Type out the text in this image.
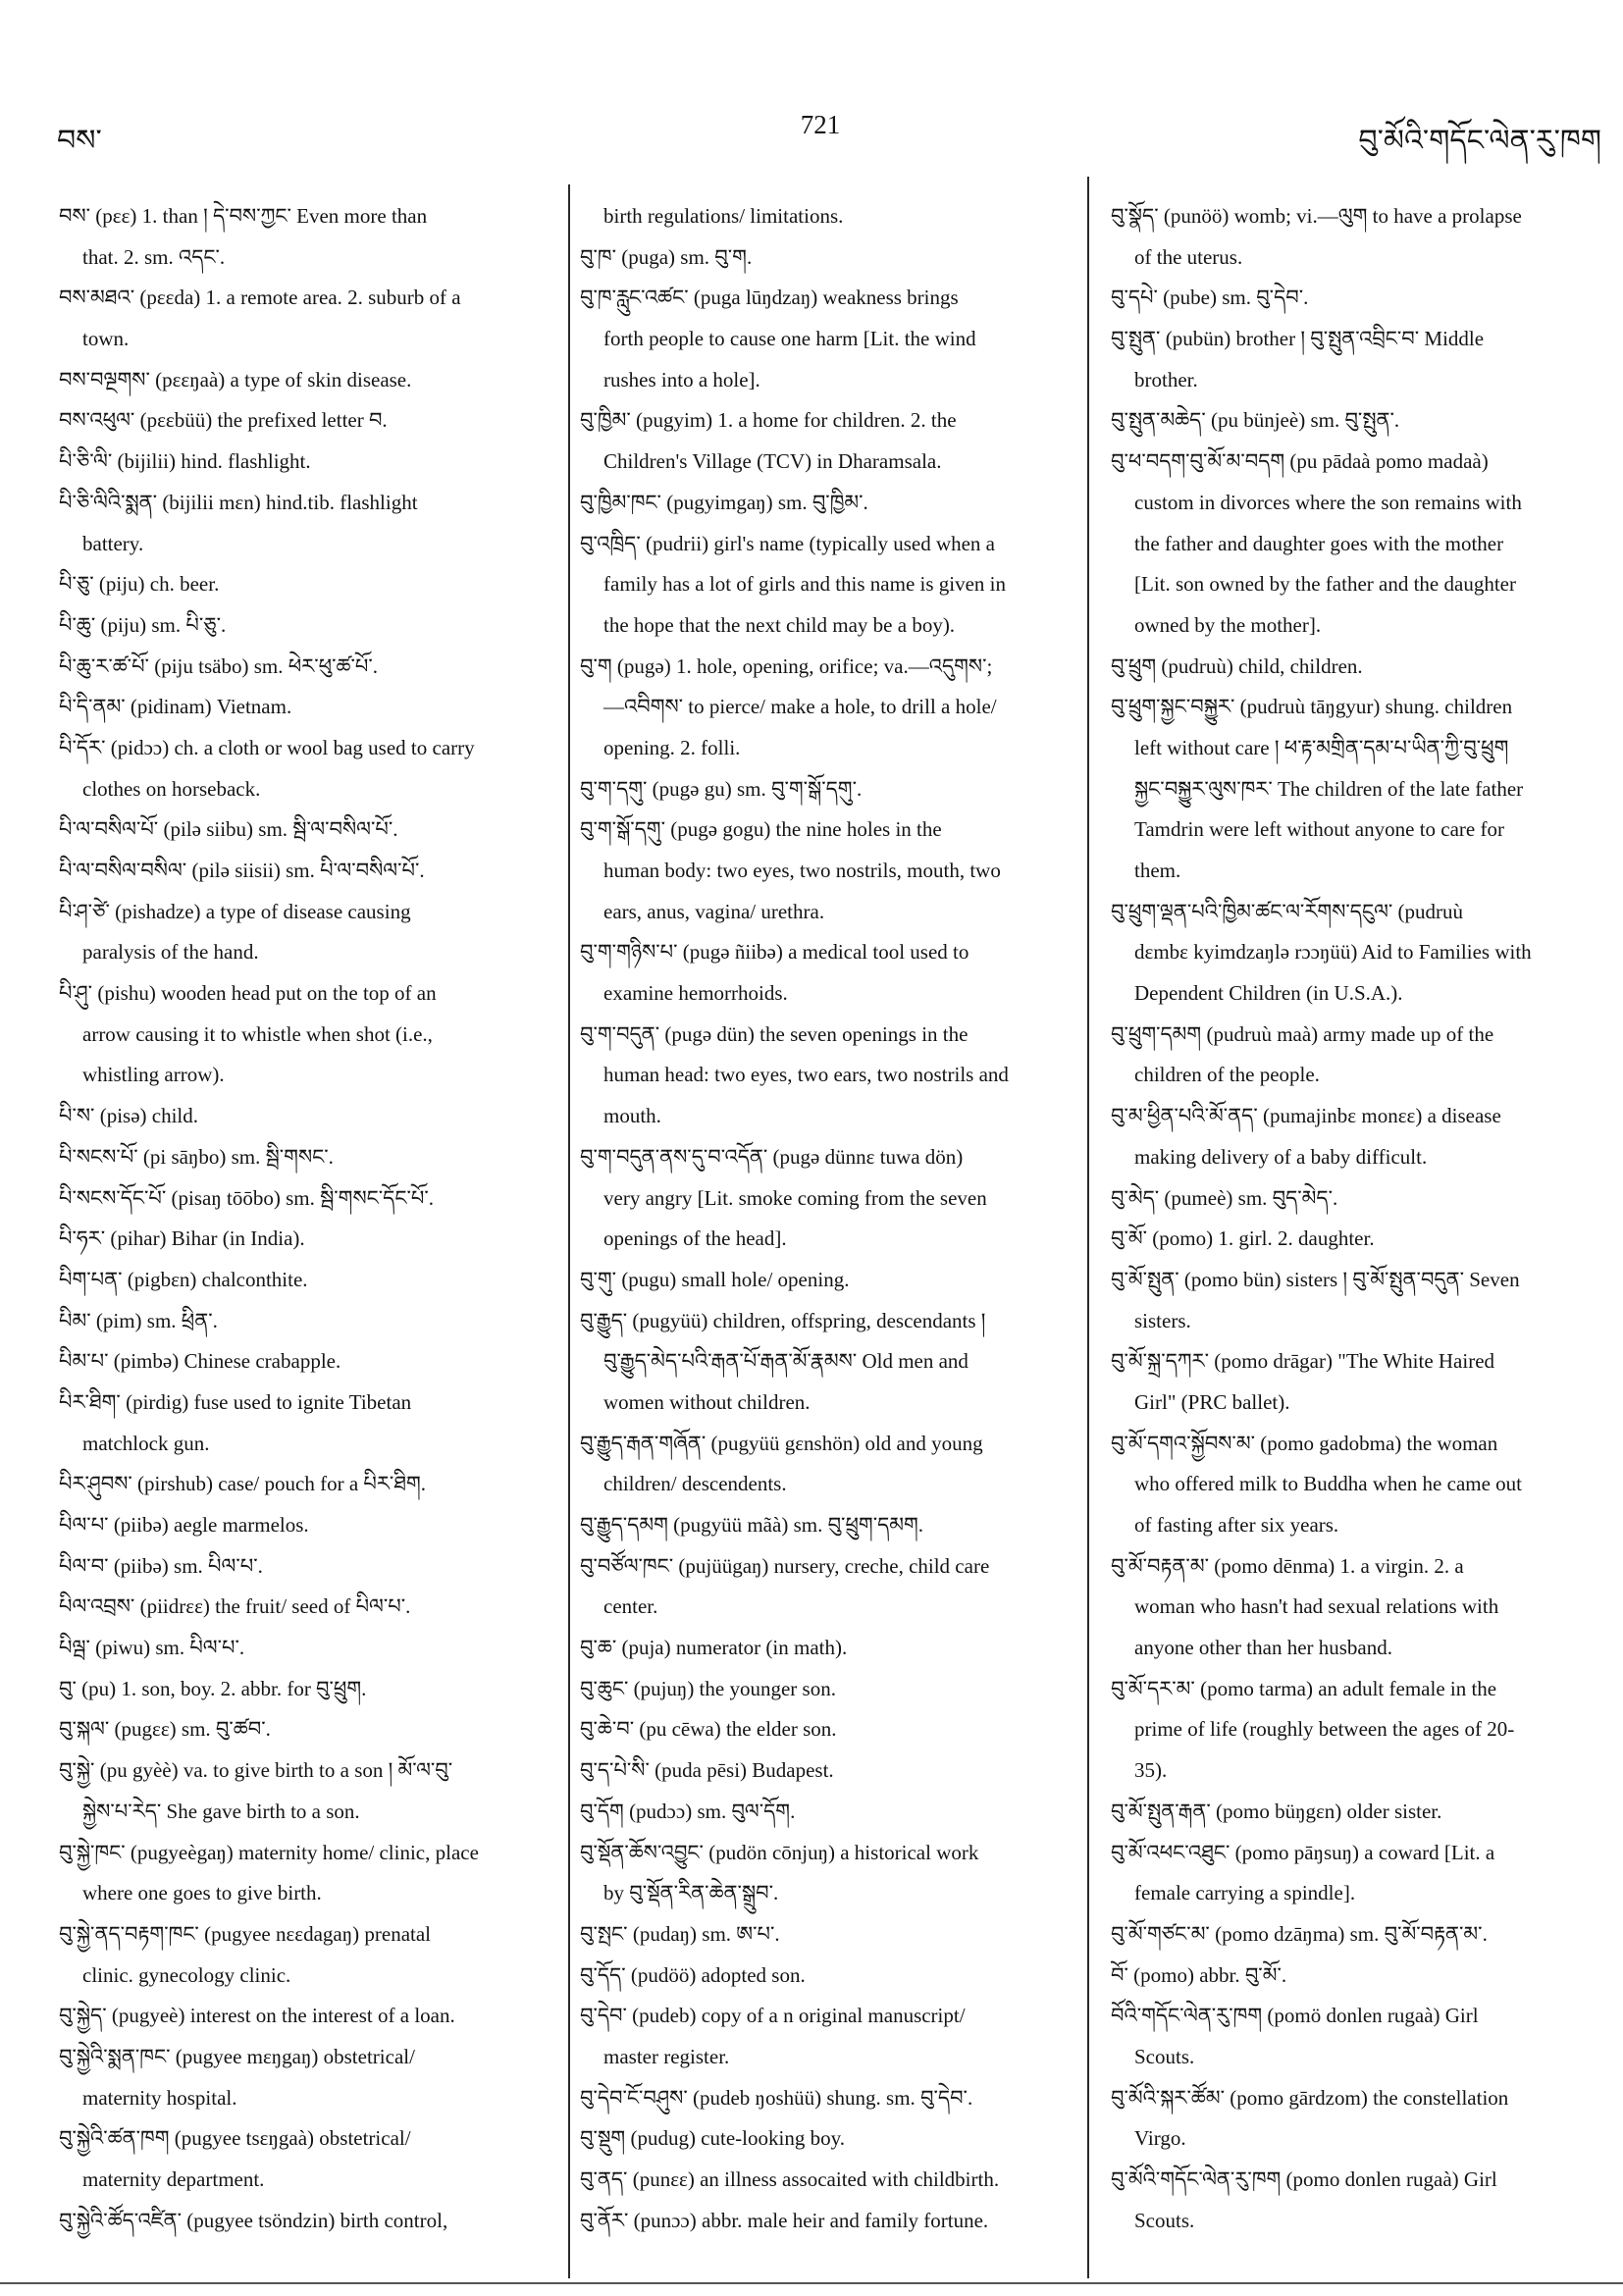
བས་	721	བུ་མོའི་གདོང་ལེན་རུ་ཁག
བས་ (pɛɛ) 1. than ། དེ་བས་ཀྱང་ Even more than
that. 2. sm. འདང་.
བས་མཐའ་ (pɛɛda) 1. a remote area. 2. suburb of a
town.
བས་བལྔགས་ (pɛɛŋaà) a type of skin disease.
བས་འཕུལ་ (pɛɛbüü) the prefixed letter བ.
པི་ཅི་ལི་ (bijilii) hind. flashlight.
པི་ཅི་ལིའི་སྨན་ (bijilii mɛn) hind.tib. flashlight
battery.
པི་ཅུ་ (piju) ch. beer.
པི་ཆུ་ (piju) sm. པི་ཅུ་.
པི་ཆུ་ར་ཚ་པོ་ (piju tsäbo) sm. ཕེར་ཕུ་ཚ་པོ་.
པི་དི་ནམ་ (pidinam) Vietnam.
པི་དོར་ (pidɔɔ) ch. a cloth or wool bag used to carry
clothes on horseback.
པི་ལ་བསིལ་པོ་ (pilə siibu) sm. སྦི་ལ་བསིལ་པོ་.
པི་ལ་བསིལ་བསིལ་ (pilə siisii) sm. པི་ལ་བསིལ་པོ་.
པི་ཤ་ཙེ་ (pishadze) a type of disease causing
paralysis of the hand.
པི་ཤུ་ (pishu) wooden head put on the top of an
arrow causing it to whistle when shot (i.e.,
whistling arrow).
པི་ས་ (pisə) child.
པི་སངས་པོ་ (pi sāŋbo) sm. སྦི་གསང་.
པི་སངས་དོང་པོ་ (pisaŋ tōōbo) sm. སྦི་གསང་དོང་པོ་.
པི་ཧར་ (pihar) Bihar (in India).
པིག་པན་ (pigbɛn) chalconthite.
པིམ་ (pim) sm. ཕྲིན་.
པིམ་པ་ (pimbə) Chinese crabapple.
པིར་ཐིག་ (pirdig) fuse used to ignite Tibetan
matchlock gun.
པིར་ཤུབས་ (pirshub) case/ pouch for a པིར་ཐིག.
པིལ་པ་ (piibə) aegle marmelos.
པིལ་བ་ (piibə) sm. པིལ་པ་.
པིལ་འབྲས་ (piidrɛɛ) the fruit/ seed of པིལ་པ་.
པིལྦ་ (piwu) sm. པིལ་པ་.
བུ་ (pu) 1. son, boy. 2. abbr. for བུ་ཕྲུག.
བུ་སྐལ་ (pugɛɛ) sm. བུ་ཚབ་.
བུ་སྐྱེ་ (pu gyèè) va. to give birth to a son ། མོ་ལ་བུ་
སྐྱེས་པ་རེད་ She gave birth to a son.
བུ་སྐྱེ་ཁང་ (pugyeègaŋ) maternity home/ clinic, place
where one goes to give birth.
བུ་སྐྱེ་ནད་བརྟག་ཁང་ (pugyee nɛɛdagaŋ) prenatal
clinic. gynecology clinic.
བུ་སྐྱེད་ (pugyeè) interest on the interest of a loan.
བུ་སྐྱེའི་སྨན་ཁང་ (pugyee mɛŋgaŋ) obstetrical/
maternity hospital.
བུ་སྐྱེའི་ཚན་ཁག (pugyee tsɛŋgaà) obstetrical/
maternity department.
བུ་སྐྱེའི་ཚོད་འཛིན་ (pugyee tsöndzin) birth control,
birth regulations/ limitations.
བུ་ཁ་ (puga) sm. བུ་ག.
བུ་ཁ་རླུང་འཚང་ (puga lūŋdzaŋ) weakness brings
forth people to cause one harm [Lit. the wind
rushes into a hole].
བུ་ཁྱིམ་ (pugyim) 1. a home for children. 2. the
Children's Village (TCV) in Dharamsala.
བུ་ཁྱིམ་ཁང་ (pugyimgaŋ) sm. བུ་ཁྱིམ་.
བུ་འཁྲིད་ (pudrii) girl's name (typically used when a
family has a lot of girls and this name is given in
the hope that the next child may be a boy).
བུ་ག (pugə) 1. hole, opening, orifice; va.—འདུགས་;
—འབིགས་ to pierce/ make a hole, to drill a hole/
opening. 2. folli.
བུ་ག་དགུ་ (pugə gu) sm. བུ་ག་སྒོ་དགུ་.
བུ་ག་སྒོ་དགུ་ (pugə gogu) the nine holes in the
human body: two eyes, two nostrils, mouth, two
ears, anus, vagina/ urethra.
བུ་ག་གཉིས་པ་ (pugə ñiibə) a medical tool used to
examine hemorrhoids.
བུ་ག་བདུན་ (pugə dün) the seven openings in the
human head: two eyes, two ears, two nostrils and
mouth.
བུ་ག་བདུན་ནས་དུ་བ་འདོན་ (pugə dünnɛ tuwa dön)
very angry [Lit. smoke coming from the seven
openings of the head].
བུ་གུ་ (pugu) small hole/ opening.
བུ་རྒྱུད་ (pugyüü) children, offspring, descendants །
བུ་རྒྱུད་མེད་པའི་རྒན་པོ་རྒན་མོ་རྣམས་ Old men and
women without children.
བུ་རྒྱུད་རྒན་གཞོན་ (pugyüü gɛnshön) old and young
children/ descendents.
བུ་རྒྱུད་དམག (pugyüü mãà) sm. བུ་ཕྲུག་དམག.
བུ་བཙོལ་ཁང་ (pujüügaŋ) nursery, creche, child care
center.
བུ་ཆ་ (puja) numerator (in math).
བུ་ཆུང་ (pujuŋ) the younger son.
བུ་ཆེ་བ་ (pu cēwa) the elder son.
བུ་ད་པེ་སི་ (puda pēsi) Budapest.
བུ་དོག (pudɔɔ) sm. བུལ་དོག.
བུ་སྡོན་ཆོས་འབྱུང་ (pudön cōnjuŋ) a historical work
by བུ་སྡོན་རིན་ཆེན་སྒྲུབ་.
བུ་སྤང་ (pudaŋ) sm. ཨ་པ་.
བུ་དོད་ (pudöö) adopted son.
བུ་དེབ་ (pudeb) copy of a n original manuscript/
master register.
བུ་དེབ་ངོ་བཤུས་ (pudeb ŋoshüü) shung. sm. བུ་དེབ་.
བུ་སྡུག (pudug) cute-looking boy.
བུ་ནད་ (punɛɛ) an illness assocaited with childbirth.
བུ་ནོར་ (punɔɔ) abbr. male heir and family fortune.
བུ་སྣོད་ (punöö) womb; vi.—ལུག to have a prolapse
of the uterus.
བུ་དཔེ་ (pube) sm. བུ་དེབ་.
བུ་སྤུན་ (pubün) brother ། བུ་སྤུན་འབྲིང་བ་ Middle
brother.
བུ་སྤུན་མཆེད་ (pu bünjeè) sm. བུ་སྤུན་.
བུ་ཕ་བདག་བུ་མོ་མ་བདག (pu pādaà pomo madaà)
custom in divorces where the son remains with
the father and daughter goes with the mother
[Lit. son owned by the father and the daughter
owned by the mother].
བུ་ཕྲུག (pudruù) child, children.
བུ་ཕྲུག་སྐྱང་བསྐྱུར་ (pudruù tāŋgyur) shung. children
left without care ། ཕ་རྟ་མགྲིན་དམ་པ་ཡིན་ཀྱི་བུ་ཕྲུག
སྐྱང་བསྐྱུར་ལུས་ཁར་ The children of the late father
Tamdrin were left without anyone to care for
them.
བུ་ཕྲུག་ལྡན་པའི་ཁྱིམ་ཚང་ལ་རོགས་དངུལ་ (pudruù
dɛmbɛ kyimdzaŋlə rɔɔŋüü) Aid to Families with
Dependent Children (in U.S.A.).
བུ་ཕྲུག་དམག (pudruù maà) army made up of the
children of the people.
བུ་མ་ཕྱིན་པའི་མོ་ནད་ (pumajinbɛ monɛɛ) a disease
making delivery of a baby difficult.
བུ་མེད་ (pumeè) sm. བུད་མེད་.
བུ་མོ་ (pomo) 1. girl. 2. daughter.
བུ་མོ་སྤུན་ (pomo bün) sisters ། བུ་མོ་སྤུན་བདུན་ Seven
sisters.
བུ་མོ་སྐྲ་དཀར་ (pomo drāgar) "The White Haired
Girl" (PRC ballet).
བུ་མོ་དགའ་སྐྱོབས་མ་ (pomo gadobma) the woman
who offered milk to Buddha when he came out
of fasting after six years.
བུ་མོ་བརྟན་མ་ (pomo dēnma) 1. a virgin. 2. a
woman who hasn't had sexual relations with
anyone other than her husband.
བུ་མོ་དར་མ་ (pomo tarma) an adult female in the
prime of life (roughly between the ages of 20-
35).
བུ་མོ་སྤུན་རྒན་ (pomo büŋgɛn) older sister.
བུ་མོ་འཕང་འཐུང་ (pomo pāŋsuŋ) a coward [Lit. a
female carrying a spindle].
བུ་མོ་གཙང་མ་ (pomo dzāŋma) sm. བུ་མོ་བརྟན་མ་.
བོ་ (pomo) abbr. བུ་མོ་.
བོའི་གདོང་ལེན་རུ་ཁག (pomö donlen rugaà) Girl
Scouts.
བུ་མོའི་སྐར་ཚོམ་ (pomo gārdzom) the constellation
Virgo.
བུ་མོའི་གདོང་ལེན་རུ་ཁག (pomo donlen rugaà) Girl
Scouts.
